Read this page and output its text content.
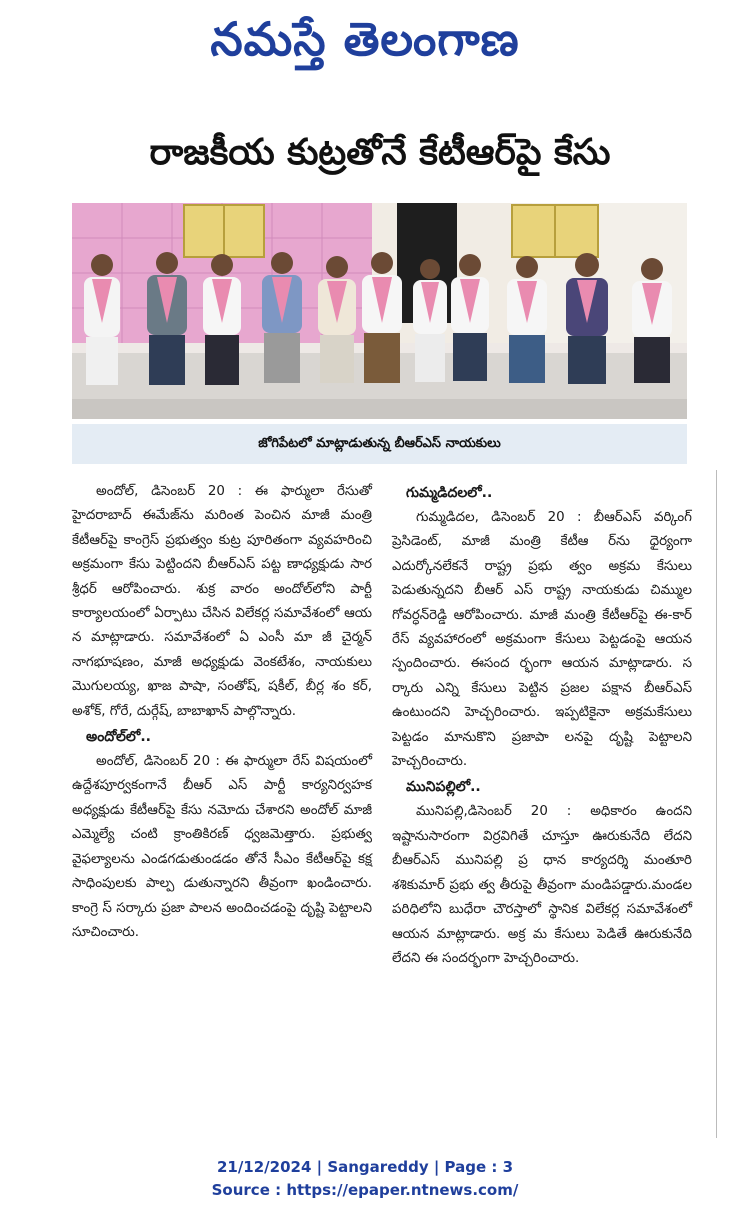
నమస్తే తెలంగాణ
రాజకీయ కుట్రతోనే కేటీఆర్‌పై కేసు
జోగిపేటలో మాట్లాడుతున్న బీఆర్‌ఎస్‌ నాయకులు

అందోల్‌, డిసెంబర్‌ 20 : ఈ ఫార్ములా రేసుతో హైదరాబాద్‌ ఈమేజ్‌ను మరింత పెంచిన మాజీ మంత్రి కేటీఆర్‌పై కాంగ్రెస్‌ ప్రభుత్వం కుట్ర పూరితంగా వ్యవహరించి అక్రమంగా కేసు పెట్టిందని బీఆర్‌ఎస్‌ పట్ట ణాధ్యక్షుడు సార శ్రీధర్‌ ఆరోపించారు. శుక్ర వారం అందోల్‌లోని పార్టీ కార్యాలయంలో ఏర్పాటు చేసిన విలేకర్ల సమావేశంలో ఆయ న మాట్లాడారు. సమావేశంలో ఏ ఎంసీ మా జీ చైర్మన్‌ నాగభూషణం, మాజీ అధ్యక్షుడు వెంకటేశం, నాయకులు మొగులయ్య, ఖాజ పాషా, సంతోష్‌, షకీల్‌, బీర్ల శం కర్‌, అశోక్‌, గోరే, దుర్గేష్‌, బాబాఖాన్‌ పాల్గొన్నారు.

అందోల్‌లో..

అందోల్‌, డిసెంబర్‌ 20 : ఈ ఫార్ములా రేస్‌ విషయంలో ఉద్దేశపూర్వకంగానే బీఆర్‌ ఎస్‌ పార్టీ కార్యనిర్వహక అధ్యక్షుడు కేటీఆర్‌పై కేసు నమోదు చేశారని అందోల్‌ మాజీ ఎమ్మెల్యే చంటి క్రాంతికిరణ్‌ ధ్వజమెత్తారు. ప్రభుత్వ వైఫల్యాలను ఎండగడుతుండడం తోనే సీఎం కేటీఆర్‌పై కక్ష సాధింపులకు పాల్ప డుతున్నారని తీవ్రంగా ఖండించారు. కాంగ్రె స్‌ సర్కారు ప్రజా పాలన అందించడంపై దృష్టి పెట్టాలని సూచించారు.

గుమ్మడిదలలో..

గుమ్మడిదల, డిసెంబర్‌ 20 : బీఆర్‌ఎస్‌ వర్కింగ్‌ ప్రెసిడెంట్‌, మాజీ మంత్రి కేటీఆ ర్‌ను ధైర్యంగా ఎదుర్కోనలేకనే రాష్ట్ర ప్రభు త్వం అక్రమ కేసులు పెడుతున్నదని బీఆర్‌ ఎస్‌ రాష్ట్ర నాయకుడు చిమ్ముల గోవర్ధన్‌రెడ్డి ఆరోపించారు. మాజీ మంత్రి కేటీఆర్‌పై ఈ-కార్‌ రేస్‌ వ్యవహారంలో అక్రమంగా కేసులు పెట్టడంపై ఆయన స్పందించారు. ఈసంద ర్భంగా ఆయన మాట్లాడారు. స ర్కారు ఎన్ని కేసులు పెట్టిన ప్రజల పక్షాన బీఆర్‌ఎస్‌ ఉంటుందని హెచ్చరించారు. ఇప్పటికైనా అక్రమకేసులు పెట్టడం మానుకొని ప్రజాపా లనపై దృష్టి పెట్టాలని హెచ్చరించారు.

మునిపల్లిలో..

మునిపల్లి,డిసెంబర్‌ 20 : అధికారం ఉందని ఇష్టానుసారంగా విర్రవిగితే చూస్తూ ఊరుకునేది లేదని బీఆర్‌ఎస్‌ మునిపల్లి ప్ర ధాన కార్యదర్శి మంతూరి శశికుమార్‌ ప్రభు త్వ తీరుపై తీవ్రంగా మండిపడ్డారు.మండల పరిధిలోని బుధేరా చౌరస్తాలో స్థానిక విలేకర్ల సమావేశంలో ఆయన మాట్లాడారు. అక్ర మ కేసులు పెడితే ఊరుకునేది లేదని ఈ సందర్భంగా హెచ్చరించారు.

21/12/2024 | Sangareddy | Page : 3
Source : https://epaper.ntnews.com/
